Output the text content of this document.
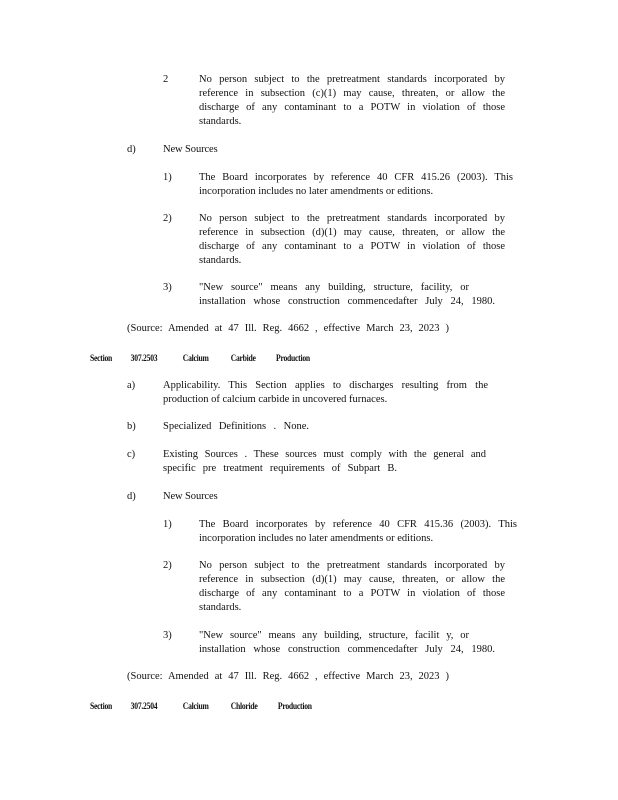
2	No person subject to the pretreatment standards incorporated by
reference in subsection (c)(1) may cause, threaten, or allow the
discharge of any contaminant to a POTW in violation of those
standards.
d)	New Sources
1)	The Board incorporates by reference 40 CFR 415.26 (2003). This
incorporation includes no later amendments or editions.
2)	No person subject to the pretreatment standards incorporated by
reference in subsection (d)(1) may cause, threaten, or allow the
discharge of any contaminant to a POTW in violation of those
standards.
3)	"New source" means any building, structure, facility, or
installation whose construction commencedafter July 24, 1980.
(Source: Amended at 47 Ill. Reg. 4662 , effective March 23, 2023 )
Section 307.2503	Calcium Carbide Production
a)	Applicability. This Section applies to discharges resulting from the
production of calcium carbide in uncovered furnaces.
b)	Specialized Definitions . None.
c)	Existing Sources . These sources must comply with the general and
specific pre treatment requirements of Subpart B.
d)	New Sources
1)	The Board incorporates by reference 40 CFR 415.36 (2003). This
incorporation includes no later amendments or editions.
2)	No person subject to the pretreatment standards incorporated by
reference in subsection (d)(1) may cause, threaten, or allow the
discharge of any contaminant to a POTW in violation of those
standards.
3)	"New source" means any building, structure, facilit y, or
installation whose construction commencedafter July 24, 1980.
(Source: Amended at 47 Ill. Reg. 4662 , effective March 23, 2023 )
Section 307.2504	Calcium Chloride Production
